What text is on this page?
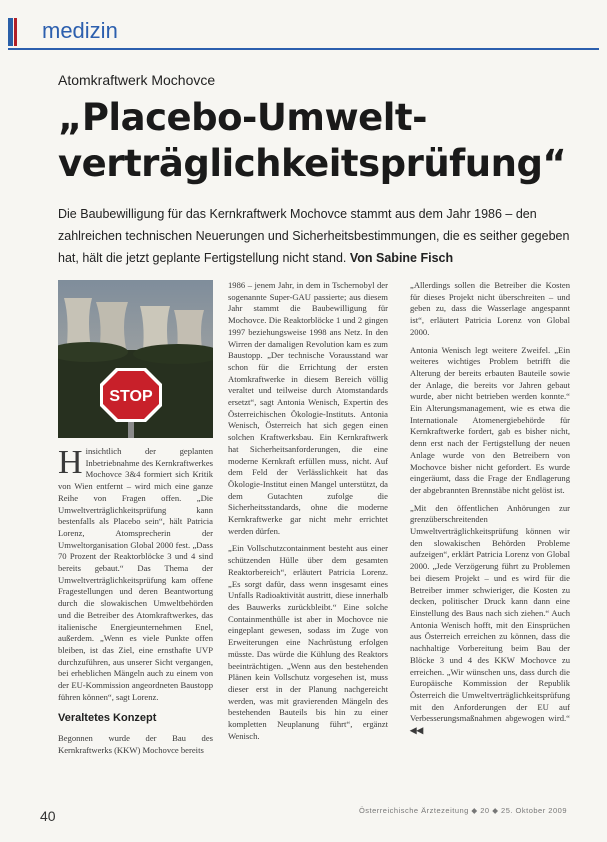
medizin
Atomkraftwerk Mochovce
„Placebo-Umwelt-verträglichkeitsprüfung“
Die Baubewilligung für das Kernkraftwerk Mochovce stammt aus dem Jahr 1986 – den zahlreichen technischen Neuerungen und Sicherheitsbestimmungen, die es seither gegeben hat, hält die jetzt geplante Fertigstellung nicht stand. Von Sabine Fisch
STOP

Hinsichtlich der geplanten Inbetriebnahme des Kernkraftwerkes Mochovce 3&4 formiert sich Kritik von Wien entfernt – wird mich eine ganze Reihe von Fragen offen. „Die Umweltverträglichkeitsprüfung kann bestenfalls als Placebo sein“, hält Patricia Lorenz, Atomsprecherin der Umweltorganisation Global 2000 fest. „Dass 70 Prozent der Reaktorblöcke 3 und 4 sind bereits gebaut.“ Das Thema der Umweltverträglichkeitsprüfung kam offene Fragestellungen und deren Beantwortung durch die slowakischen Umweltbehörden und die Betreiber des Atomkraftwerkes, das italienische Energieunternehmen Enel, außerdem. „Wenn es viele Punkte offen bleiben, ist das Ziel, eine ernsthafte UVP durchzuführen, aus unserer Sicht vergangen, bei erheblichen Mängeln auch zu einem von der EU-Kommission angeordneten Baustopp führen können“, sagt Lorenz.

Veraltetes Konzept

Begonnen wurde der Bau des Kernkraftwerks (KKW) Mochovce bereits

1986 – jenem Jahr, in dem in Tschernobyl der sogenannte Super-GAU passierte; aus diesem Jahr stammt die Baubewilligung für Mochovce. Die Reaktorblöcke 1 und 2 gingen 1997 beziehungsweise 1998 ans Netz. In den Wirren der damaligen Revolution kam es zum Baustopp. „Der technische Vorausstand war schon für die Errichtung der ersten Atomkraftwerke in diesem Bereich völlig veraltet und teilweise durch Atomstandards ersetzt“, sagt Antonia Wenisch, Expertin des Österreichischen Ökologie-Instituts. Antonia Wenisch, Österreich hat sich gegen einen solchen Kraftwerksbau. Ein Kernkraftwerk hat Sicherheitsanforderungen, die eine moderne Kernkraft erfüllen muss, nicht. Auf dem Feld der Verlässlichkeit hat das Ökologie-Institut einen Mangel unterstützt, da dem Gutachten zufolge die Sicherheitsstandards, ohne die moderne Kernkraftwerke gar nicht mehr errichtet werden dürfen.

„Ein Vollschutzcontainment besteht aus einer schützenden Hülle über dem gesamten Reaktorbereich“, erläutert Patricia Lorenz. „Es sorgt dafür, dass wenn insgesamt eines Unfalls Radioaktivität austritt, diese innerhalb des Bauwerks zurückbleibt.“ Eine solche Containmenthülle ist aber in Mochovce nie eingeplant gewesen, sodass im Zuge von Erweiterungen eine Nachrüstung erfolgen müsste. Das würde die Kühlung des Reaktors beeinträchtigen. „Wenn aus den bestehenden Plänen kein Vollschutz vorgesehen ist, muss dieser erst in der Planung nachgereicht werden, was mit gravierenden Mängeln des bestehenden Bauteils bis hin zu einer kompletten Neuplanung führt“, ergänzt Wenisch.

„Allerdings sollen die Betreiber die Kosten für dieses Projekt nicht überschreiten – und geben zu, dass die Wasserlage angespannt ist“, erläutert Patricia Lorenz von Global 2000.

Antonia Wenisch legt weitere Zweifel. „Ein weiteres wichtiges Problem betrifft die Alterung der bereits erbauten Bauteile sowie der Anlage, die bereits vor Jahren gebaut wurde, aber nicht betrieben werden konnte.“ Ein Alterungsmanagement, wie es etwa die Internationale Atomenergiebehörde für Kernkraftwerke fordert, gab es bisher nicht, denn erst nach der Fertigstellung der neuen Anlage wurde von den Betreibern von Mochovce bisher nicht gefordert. Es wurde eingeräumt, dass die Frage der Endlagerung der abgebrannten Brennstäbe nicht gelöst ist.

„Mit den öffentlichen Anhörungen zur grenzüberschreitenden Umweltverträglichkeitsprüfung können wir den slowakischen Behörden Probleme aufzeigen“, erklärt Patricia Lorenz von Global 2000. „Jede Verzögerung führt zu Problemen bei diesem Projekt – und es wird für die Betreiber immer schwieriger, die Kosten zu decken, politischer Druck kann dann eine Einstellung des Baus nach sich ziehen.“ Auch Antonia Wenisch hofft, mit den Einsprüchen aus Österreich erreichen zu können, dass die nachhaltige Vorbereitung beim Bau der Blöcke 3 und 4 des KKW Mochovce zu erreichen. „Wir wünschen uns, dass durch die Europäische Kommission der Republik Österreich die Umweltverträglichkeitsprüfung mit den Anforderungen der EU auf Verbesserungsmaßnahmen abgewogen wird.“ ◀◀

40	Österreichische Ärztezeitung ◆ 20 ◆ 25. Oktober 2009
